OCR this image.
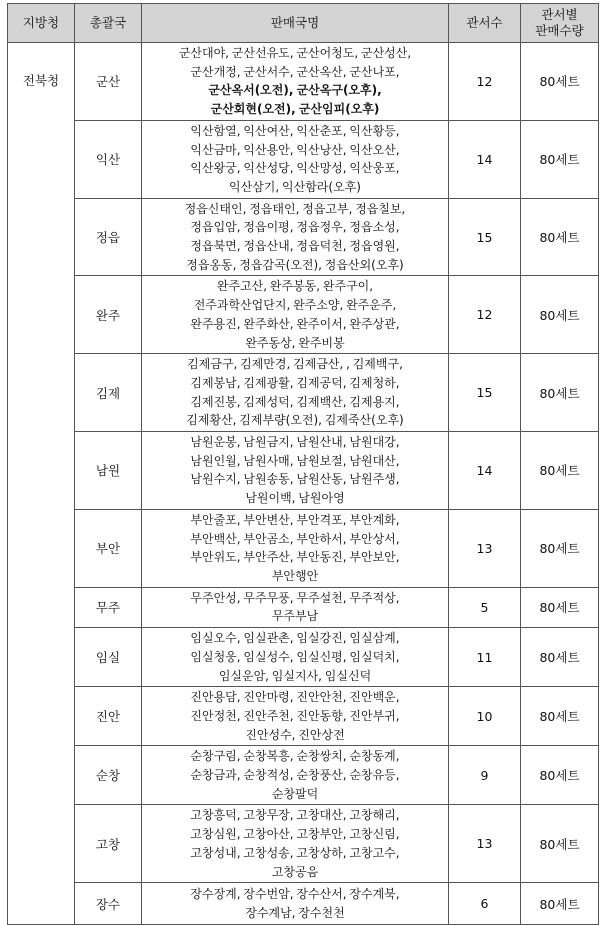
지방청	총괄국	판매국명	관서수	관서별
판매수량
전북청	군산	군산대야, 군산선유도, 군산어청도, 군산성산,
군산개정, 군산서수, 군산옥산, 군산나포,
군산옥서(오전), 군산옥구(오후),
군산회현(오전), 군산임피(오후)	12	80세트
	익산	익산함열, 익산여산, 익산춘포, 익산황등,
익산금마, 익산용안, 익산낭산, 익산오산,
익산왕궁, 익산성당, 익산망성, 익산웅포,
익산삼기, 익산함라(오후)	14	80세트
	정읍	정읍신태인, 정읍태인, 정읍고부, 정읍칠보,
정읍입암, 정읍이평, 정읍정우, 정읍소성,
정읍북면, 정읍산내, 정읍덕천, 정읍영원,
정읍옹동, 정읍감곡(오전), 정읍산외(오후)	15	80세트
	완주	완주고산, 완주봉동, 완주구이,
전주과학산업단지, 완주소양, 완주운주,
완주용진, 완주화산, 완주이서, 완주상관,
완주동상, 완주비봉	12	80세트
	김제	김제금구, 김제만경, 김제금산, , 김제백구,
김제봉남, 김제광활, 김제공덕, 김제청하,
김제진봉, 김제성덕, 김제백산, 김제용지,
김제황산, 김제부량(오전), 김제죽산(오후)	15	80세트
	남원	남원운봉, 남원금지, 남원산내, 남원대강,
남원인월, 남원사매, 남원보절, 남원대산,
남원수지, 남원송동, 남원산동, 남원주생,
남원이백, 남원아영	14	80세트
	부안	부안줄포, 부안변산, 부안격포, 부안계화,
부안백산, 부안곰소, 부안하서, 부안상서,
부안위도, 부안주산, 부안동진, 부안보안,
부안행안	13	80세트
	무주	무주안성, 무주무풍, 무주설천, 무주적상,
무주부남	5	80세트
	임실	임실오수, 임실관촌, 임실강진, 임실삼계,
임실청웅, 임실성수, 임실신평, 임실덕치,
임실운암, 임실지사, 임실신덕	11	80세트
	진안	진안용담, 진안마령, 진안안천, 진안백운,
진안정천, 진안주천, 진안동향, 진안부귀,
진안성수, 진안상전	10	80세트
	순창	순창구림, 순창복흥, 순창쌍치, 순창동계,
순창금과, 순창적성, 순창풍산, 순창유등,
순창팔덕	9	80세트
	고창	고창흥덕, 고창무장, 고창대산, 고창해리,
고창심원, 고창아산, 고창부안, 고창신림,
고창성내, 고창성송, 고창상하, 고창고수,
고창공음	13	80세트
	장수	장수장계, 장수번암, 장수산서, 장수계북,
장수계남, 장수천천	6	80세트
